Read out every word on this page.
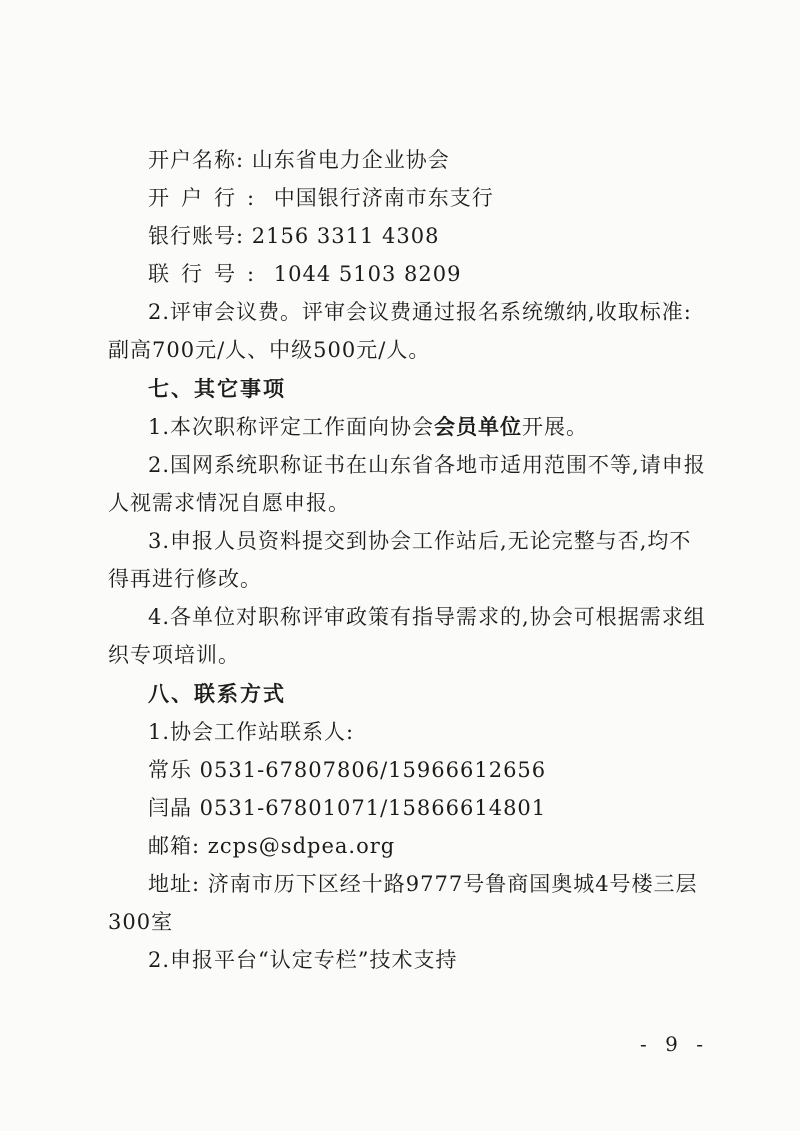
开户名称: 山东省电力企业协会
开户行: 中国银行济南市东支行
银行账号: 2156 3311 4308
联行号: 1044 5103 8209
2.评审会议费。评审会议费通过报名系统缴纳,收取标准:
副高700元/人、中级500元/人。
七、其它事项
1.本次职称评定工作面向协会会员单位开展。
2.国网系统职称证书在山东省各地市适用范围不等,请申报
人视需求情况自愿申报。
3.申报人员资料提交到协会工作站后,无论完整与否,均不
得再进行修改。
4.各单位对职称评审政策有指导需求的,协会可根据需求组
织专项培训。
八、联系方式
1.协会工作站联系人:
常乐 0531-67807806/15966612656
闫晶 0531-67801071/15866614801
邮箱: zcps@sdpea.org
地址: 济南市历下区经十路9777号鲁商国奥城4号楼三层
300室
2.申报平台“认定专栏”技术支持
- 9 -
